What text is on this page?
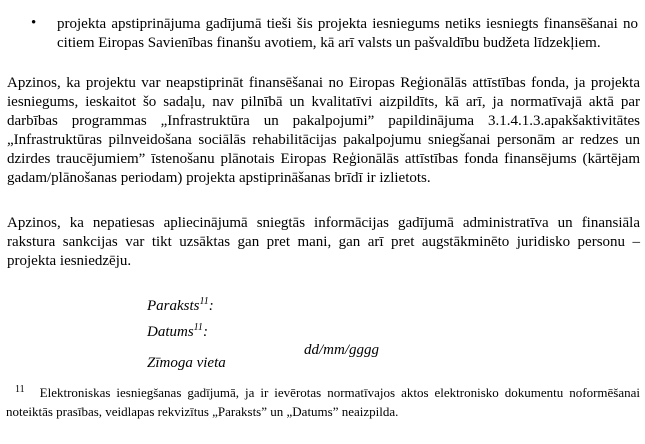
• projekta apstiprinājuma gadījumā tieši šis projekta iesniegums netiks iesniegts finansēšanai no citiem Eiropas Savienības finanšu avotiem, kā arī valsts un pašvaldību budžeta līdzekļiem.

Apzinos, ka projektu var neapstiprināt finansēšanai no Eiropas Reģionālās attīstības fonda, ja projekta iesniegums, ieskaitot šo sadaļu, nav pilnībā un kvalitatīvi aizpildīts, kā arī, ja normatīvajā aktā par darbības programmas „Infrastruktūra un pakalpojumi” papildinājuma 3.1.4.1.3.apakšaktivitātes „Infrastruktūras pilnveidošana sociālās rehabilitācijas pakalpojumu sniegšanai personām ar redzes un dzirdes traucējumiem” īstenošanu plānotais Eiropas Reģionālās attīstības fonda finansējums (kārtējam gadam/plānošanas periodam) projekta apstiprināšanas brīdī ir izlietots.

Apzinos, ka nepatiesas apliecinājumā sniegtās informācijas gadījumā administratīva un finansiāla rakstura sankcijas var tikt uzsāktas gan pret mani, gan arī pret augstākminēto juridisko personu – projekta iesniedzēju.

Paraksts$^{11}$:
Datums$^{11}$:
dd/mm/gggg
Zīmoga vieta
$^{11}$ Elektroniskas iesniegšanas gadījumā, ja ir ievērotas normatīvajos aktos elektronisko dokumentu noformēšanai noteiktās prasības, veidlapas rekvizītus „Paraksts” un „Datums” neaizpilda.
